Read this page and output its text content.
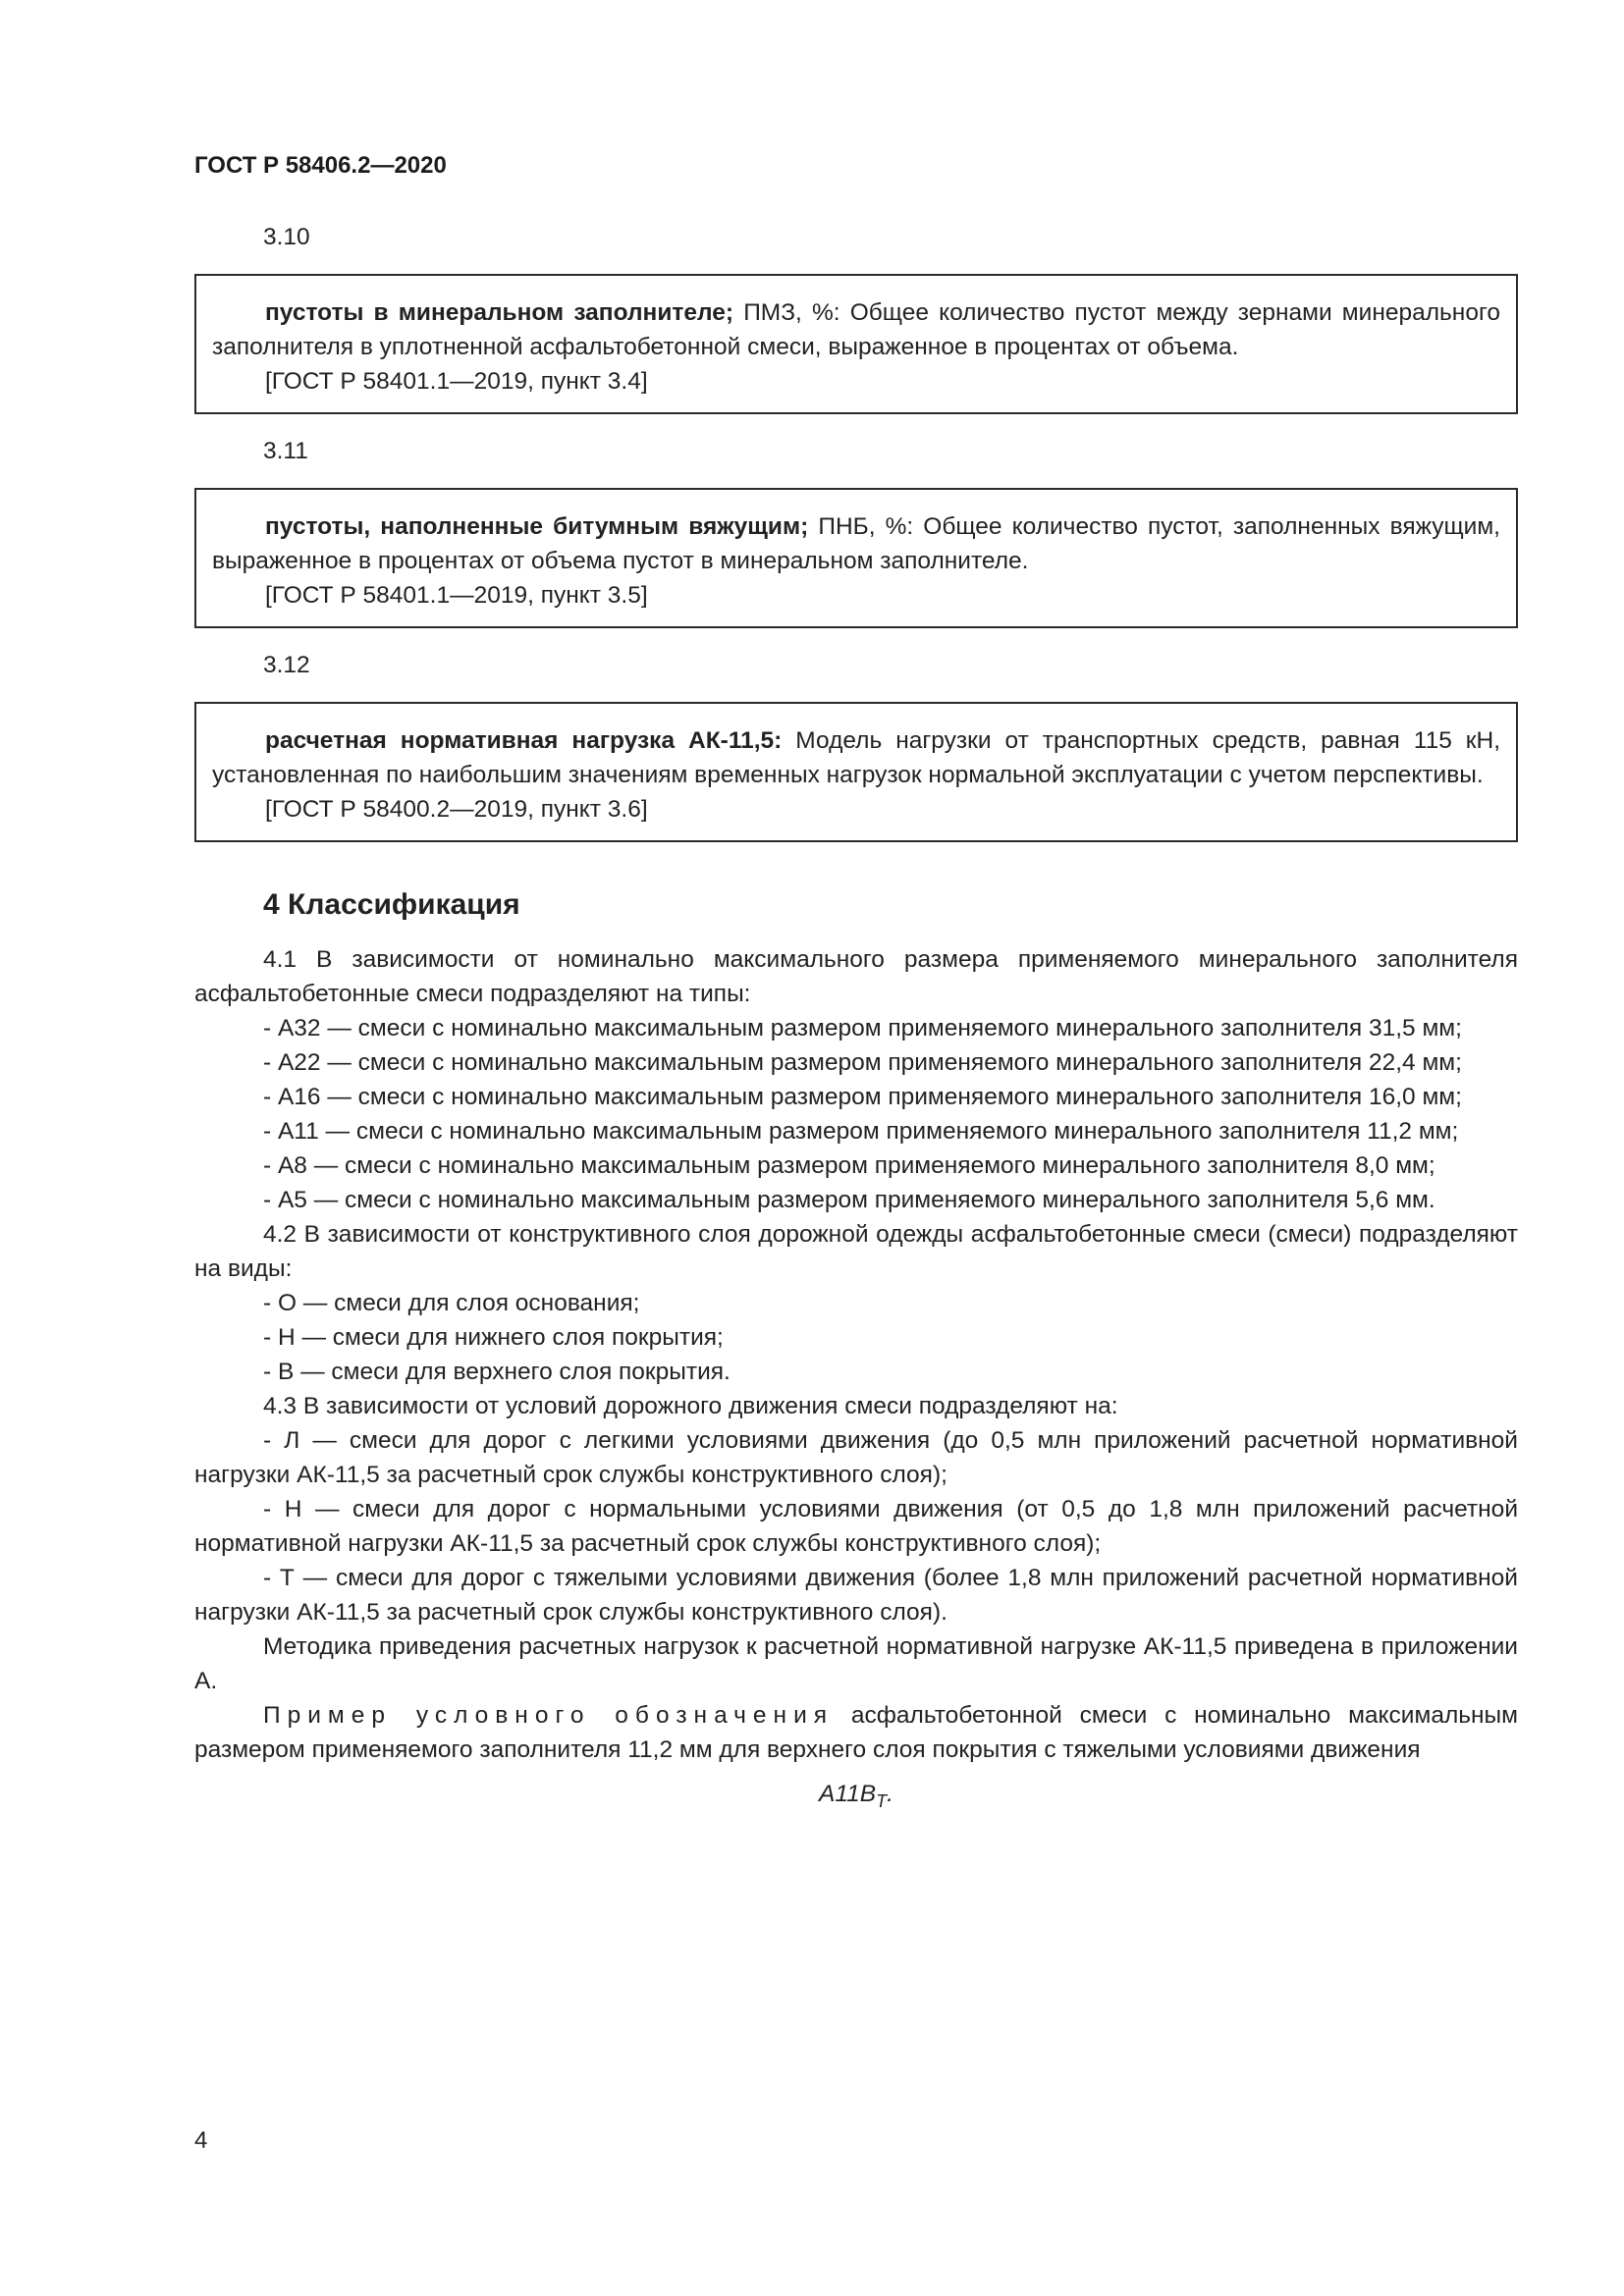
ГОСТ Р 58406.2—2020
3.10

пустоты в минеральном заполнителе; ПМЗ, %: Общее количество пустот между зернами минерального заполнителя в уплотненной асфальтобетонной смеси, выраженное в процентах от объема.

[ГОСТ Р 58401.1—2019, пункт 3.4]

3.11

пустоты, наполненные битумным вяжущим; ПНБ, %: Общее количество пустот, заполненных вяжущим, выраженное в процентах от объема пустот в минеральном заполнителе.

[ГОСТ Р 58401.1—2019, пункт 3.5]

3.12

расчетная нормативная нагрузка АК-11,5: Модель нагрузки от транспортных средств, равная 115 кН, установленная по наибольшим значениям временных нагрузок нормальной эксплуатации с учетом перспективы.

[ГОСТ Р 58400.2—2019, пункт 3.6]

4 Классификация

4.1 В зависимости от номинально максимального размера применяемого минерального заполнителя асфальтобетонные смеси подразделяют на типы:

- А32 — смеси с номинально максимальным размером применяемого минерального заполнителя 31,5 мм;

- А22 — смеси с номинально максимальным размером применяемого минерального заполнителя 22,4 мм;

- А16 — смеси с номинально максимальным размером применяемого минерального заполнителя 16,0 мм;

- А11 — смеси с номинально максимальным размером применяемого минерального заполнителя 11,2 мм;

- А8 — смеси с номинально максимальным размером применяемого минерального заполнителя 8,0 мм;

- А5 — смеси с номинально максимальным размером применяемого минерального заполнителя 5,6 мм.

4.2 В зависимости от конструктивного слоя дорожной одежды асфальтобетонные смеси (смеси) подразделяют на виды:

- О — смеси для слоя основания;

- Н — смеси для нижнего слоя покрытия;

- В — смеси для верхнего слоя покрытия.

4.3 В зависимости от условий дорожного движения смеси подразделяют на:

- Л — смеси для дорог с легкими условиями движения (до 0,5 млн приложений расчетной нормативной нагрузки АК-11,5 за расчетный срок службы конструктивного слоя);

- Н — смеси для дорог с нормальными условиями движения (от 0,5 до 1,8 млн приложений расчетной нормативной нагрузки АК-11,5 за расчетный срок службы конструктивного слоя);

- Т — смеси для дорог с тяжелыми условиями движения (более 1,8 млн приложений расчетной нормативной нагрузки АК-11,5 за расчетный срок службы конструктивного слоя).

Методика приведения расчетных нагрузок к расчетной нормативной нагрузке АК-11,5 приведена в приложении А.

Пример условного обозначения асфальтобетонной смеси с номинально максимальным размером применяемого заполнителя 11,2 мм для верхнего слоя покрытия с тяжелыми условиями движения

$A11B_T$.
4
